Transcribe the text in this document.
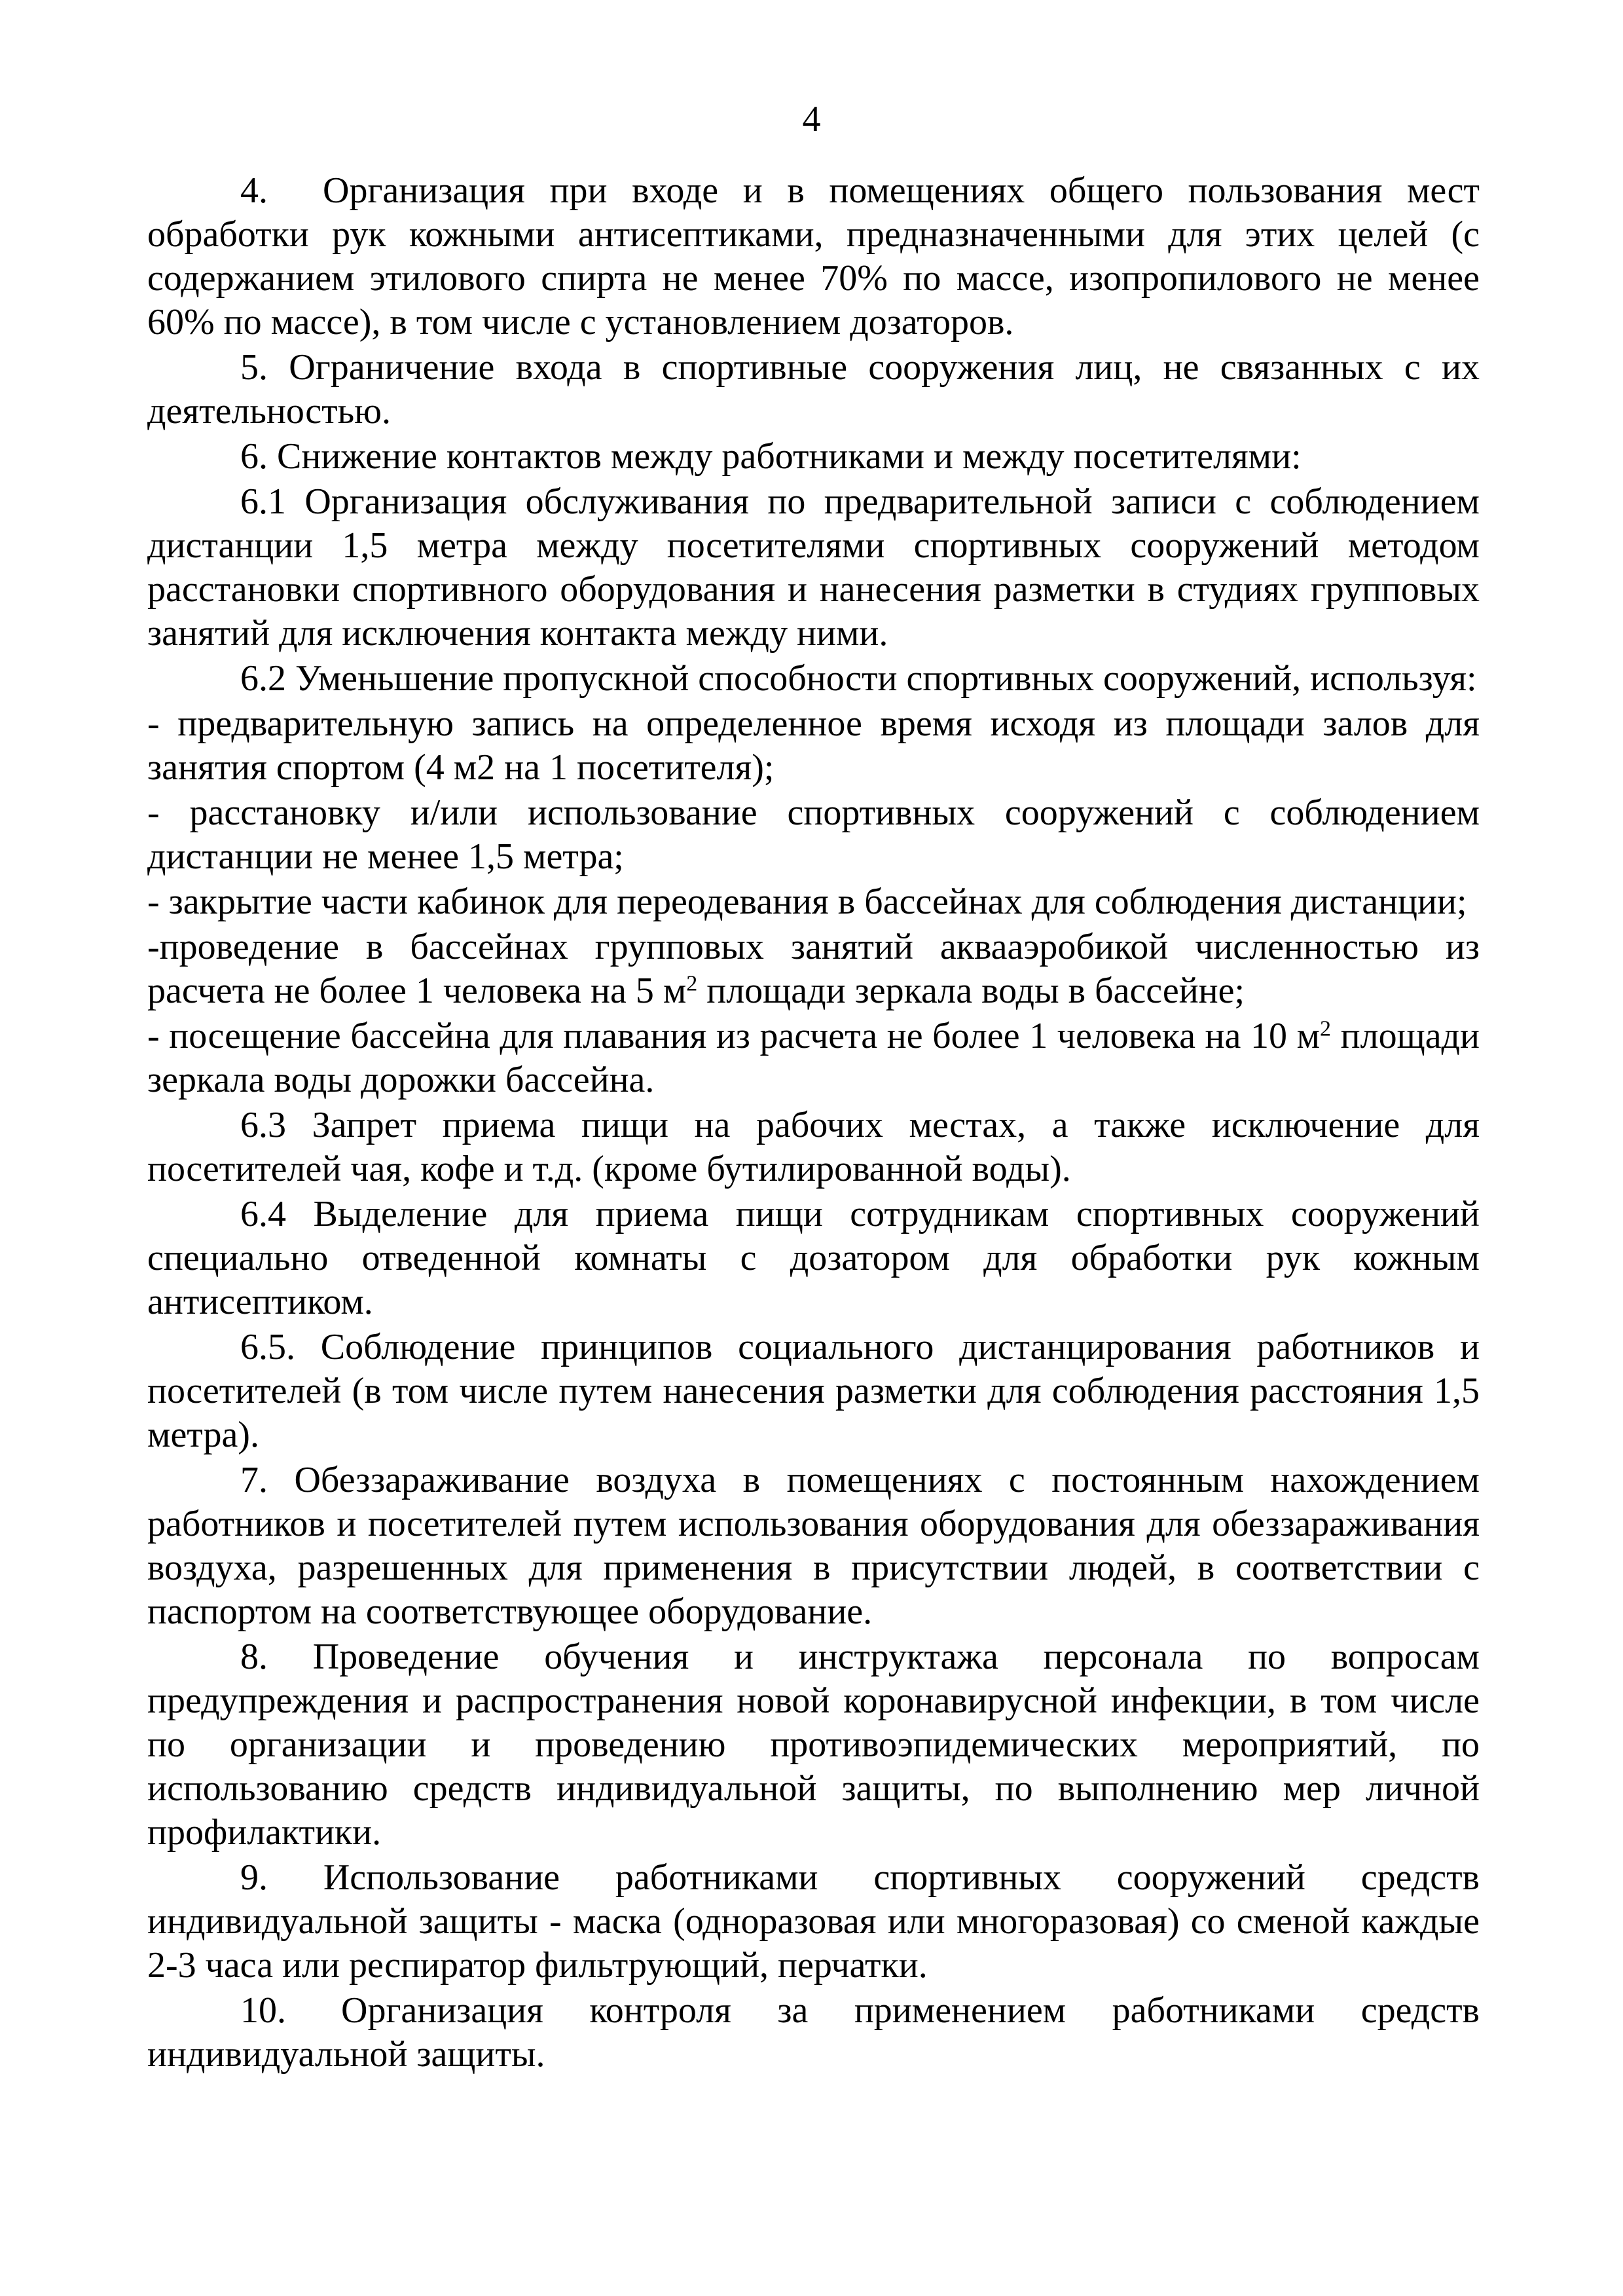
4

4.  Организация при входе и в помещениях общего пользования мест обработки рук кожными антисептиками, предназначенными для этих целей (с содержанием этилового спирта не менее 70% по массе, изопропилового не менее 60% по массе), в том числе с установлением дозаторов.

5. Ограничение входа в спортивные сооружения лиц, не связанных с их деятельностью.

6. Снижение контактов между работниками и между посетителями:

6.1 Организация обслуживания по предварительной записи с соблюдением дистанции 1,5 метра между посетителями спортивных сооружений методом расстановки спортивного оборудования и нанесения разметки в студиях групповых занятий для исключения контакта между ними.

6.2 Уменьшение пропускной способности спортивных сооружений, используя:

- предварительную запись на определенное время исходя из площади залов для занятия спортом (4 м2 на 1 посетителя);

- расстановку и/или использование спортивных сооружений с соблюдением дистанции не менее 1,5 метра;

- закрытие части кабинок для переодевания в бассейнах для соблюдения дистанции;

-проведение в бассейнах групповых занятий аквааэробикой численностью из расчета не более 1 человека на 5 $м^2$ площади зеркала воды в бассейне;

- посещение бассейна для плавания из расчета не более 1 человека на 10 $м^2$ площади зеркала воды дорожки бассейна.

6.3 Запрет приема пищи на рабочих местах, а также исключение для посетителей чая, кофе и т.д. (кроме бутилированной воды).

6.4 Выделение для приема пищи сотрудникам спортивных сооружений специально отведенной комнаты с дозатором для обработки рук кожным антисептиком.

6.5. Соблюдение принципов социального дистанцирования работников и посетителей (в том числе путем нанесения разметки для соблюдения расстояния 1,5 метра).

7. Обеззараживание воздуха в помещениях с постоянным нахождением работников и посетителей путем использования оборудования для обеззараживания воздуха, разрешенных для применения в присутствии людей, в соответствии с паспортом на соответствующее оборудование.

8. Проведение обучения и инструктажа персонала по вопросам предупреждения и распространения новой коронавирусной инфекции, в том числе по организации и проведению противоэпидемических мероприятий, по использованию средств индивидуальной защиты, по выполнению мер личной профилактики.

9. Использование работниками спортивных сооружений средств индивидуальной защиты - маска (одноразовая или многоразовая) со сменой каждые 2-3 часа или респиратор фильтрующий, перчатки.

10.  Организация контроля за применением работниками средств индивидуальной защиты.
